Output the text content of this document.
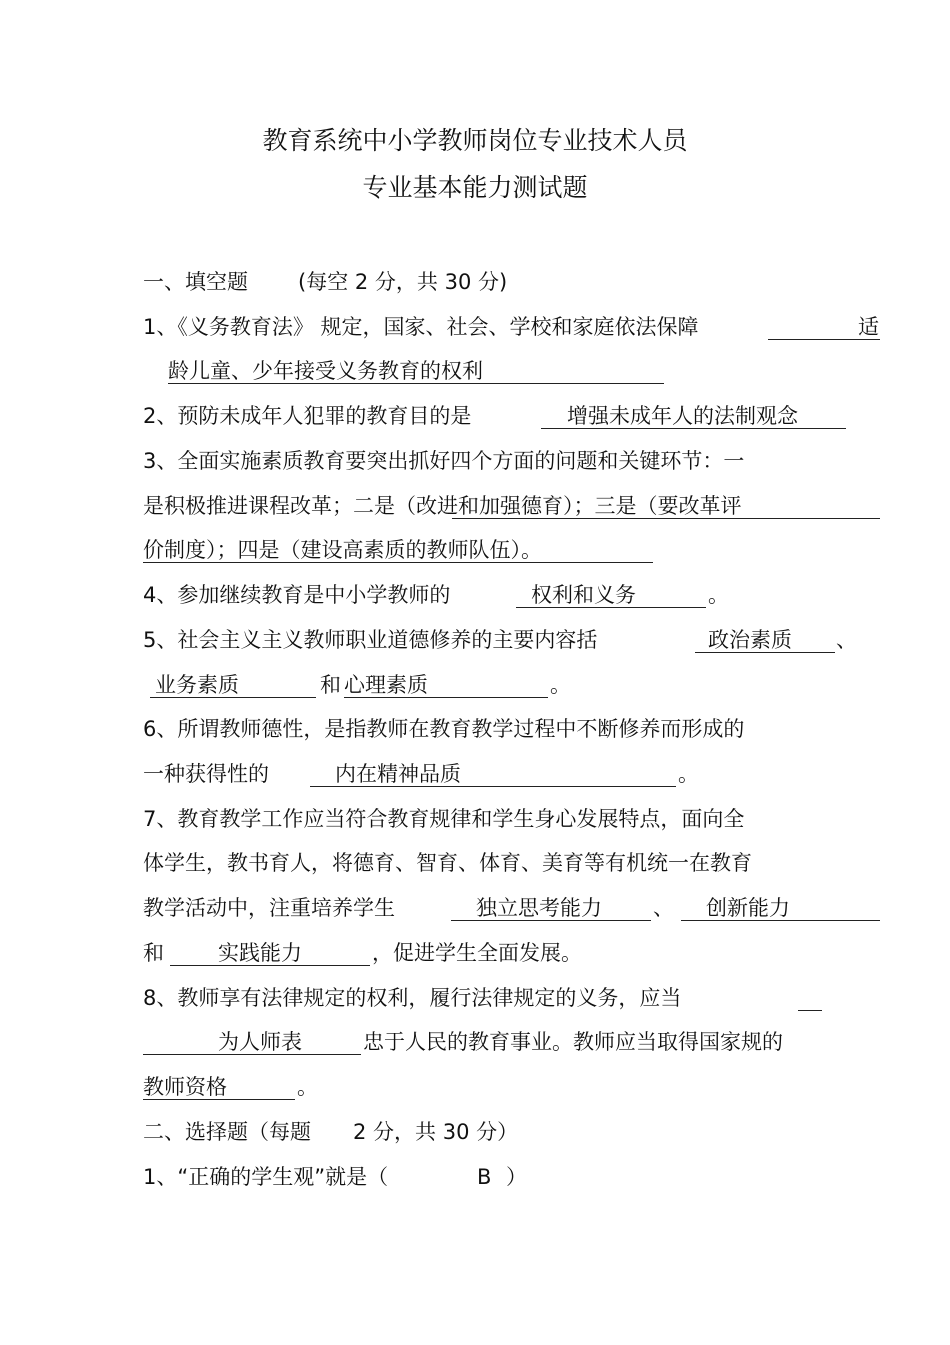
教育系统中小学教师岗位专业技术人员
专业基本能力测试题
一、填空题 (每空 2 分，共 30 分)
1、《义务教育法》 规定，国家、社会、学校和家庭依法保障	适
龄儿童、少年接受义务教育的权利
2、预防未成年人犯罪的教育目的是	增强未成年人的法制观念
3、全面实施素质教育要突出抓好四个方面的问题和关键环节：一
是积极推进课程改革；二是（改进和加强德育）；三是（要改革评
价制度）；四是（建设高素质的教师队伍）。
4、参加继续教育是中小学教师的	权利和义务	。
5、社会主义主义教师职业道德修养的主要内容括	政治素质 、
业务素质	和 心理素质	。
6、所谓教师德性，是指教师在教育教学过程中不断修养而形成的
一种获得性的	内在精神品质	。
7、教育教学工作应当符合教育规律和学生身心发展特点，面向全
体学生，教书育人，将德育、智育、体育、美育等有机统一在教育
教学活动中，注重培养学生	独立思考能力 、 创新能力
和	实践能力	，促进学生全面发展。
8、教师享有法律规定的权利，履行法律规定的义务，应当
为人师表	忠于人民的教育事业。教师应当取得国家规的
教师资格	。
二、选择题（每题 2 分，共 30 分）
1、“正确的学生观”就是（	B ）
